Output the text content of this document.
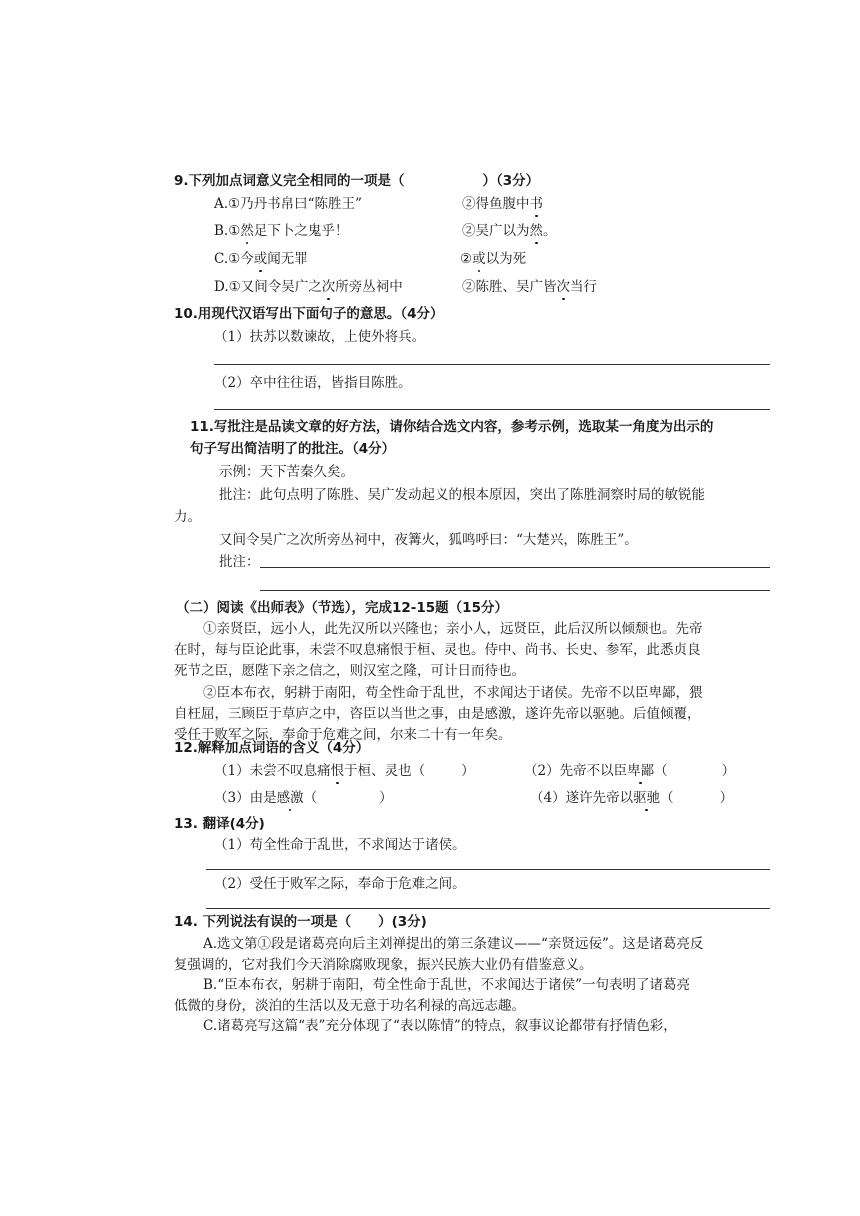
9.下列加点词意义完全相同的一项是（	）（3分）
A.①乃丹书帛曰“陈胜王”	②得鱼腹中书
B.①然足下卜之鬼乎！	②吴广以为然。
C.①今或闻无罪	②或以为死
D.①又间令吴广之次所旁丛祠中	②陈胜、吴广皆次当行
10.用现代汉语写出下面句子的意思。（4分）
（1）扶苏以数谏故，上使外将兵。
（2）卒中往往语，皆指目陈胜。
11.写批注是品读文章的好方法，请你结合选文内容，参考示例，选取某一角度为出示的
句子写出简洁明了的批注。（4分）
示例：天下苦秦久矣。
批注：此句点明了陈胜、吴广发动起义的根本原因，突出了陈胜洞察时局的敏锐能
力。
又间令吴广之次所旁丛祠中，夜篝火，狐鸣呼曰：“大楚兴，陈胜王”。
批注：
（二）阅读《出师表》（节选），完成12-15题（15分）
①亲贤臣，远小人，此先汉所以兴隆也；亲小人，远贤臣，此后汉所以倾颓也。先帝
在时，每与臣论此事，未尝不叹息痛恨于桓、灵也。侍中、尚书、长史、参军，此悉贞良
死节之臣，愿陛下亲之信之，则汉室之隆，可计日而待也。
②臣本布衣，躬耕于南阳，苟全性命于乱世，不求闻达于诸侯。先帝不以臣卑鄙，猥
自枉屈，三顾臣于草庐之中，咨臣以当世之事，由是感激，遂许先帝以驱驰。后值倾覆，
受任于败军之际，奉命于危难之间，尔来二十有一年矣。
12.解释加点词语的含义（4分）
（1）未尝不叹息痛恨于桓、灵也（	）	（2）先帝不以臣卑鄙（	）
（3）由是感激（	）	（4）遂许先帝以驱驰（	）
13. 翻译(4分)
（1）苟全性命于乱世，不求闻达于诸侯。
（2）受任于败军之际，奉命于危难之间。
14. 下列说法有误的一项是（　　）(3分)
A.选文第①段是诸葛亮向后主刘禅提出的第三条建议——“亲贤远佞”。这是诸葛亮反
复强调的，它对我们今天消除腐败现象，振兴民族大业仍有借鉴意义。
B.“臣本布衣，躬耕于南阳，苟全性命于乱世，不求闻达于诸侯”一句表明了诸葛亮
低微的身份，淡泊的生活以及无意于功名利禄的高远志趣。
C.诸葛亮写这篇“表”充分体现了“表以陈情”的特点，叙事议论都带有抒情色彩，
